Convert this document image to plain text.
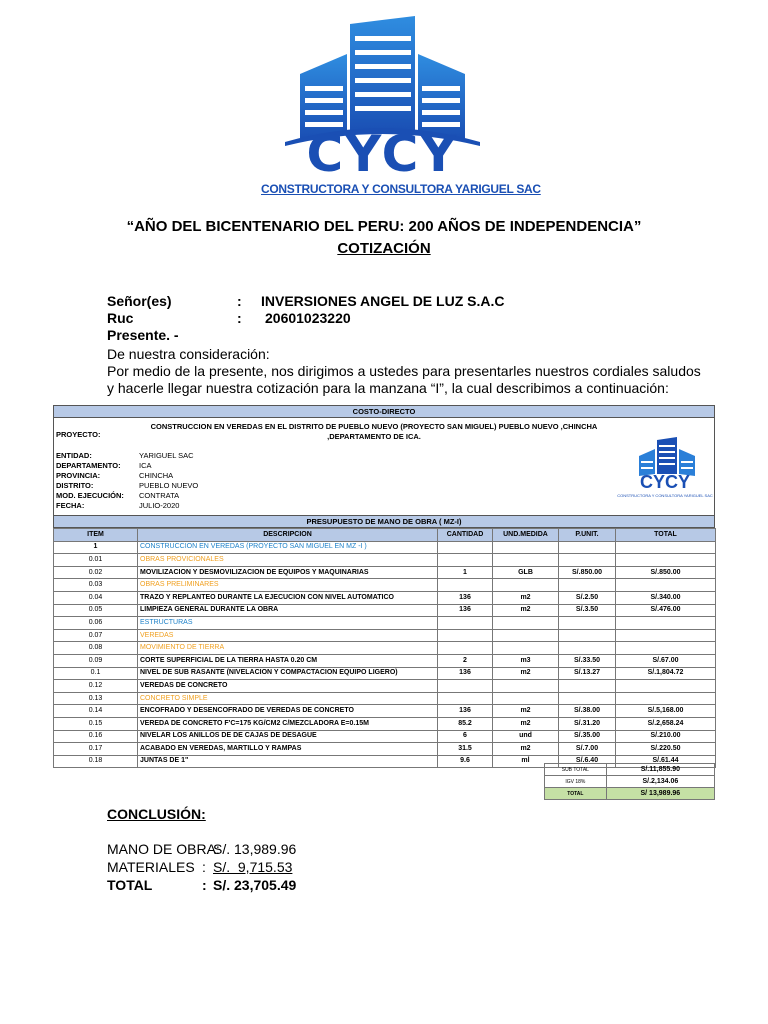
CYCY
CONSTRUCTORA Y CONSULTORA YARIGUEL SAC
“AÑO DEL BICENTENARIO DEL PERU: 200 AÑOS DE INDEPENDENCIA”
COTIZACIÓN
Señor(es)	: INVERSIONES ANGEL DE LUZ S.A.C
Ruc	: 20601023220
Presente. -
De nuestra consideración:
Por medio de la presente, nos dirigimos a ustedes para presentarles nuestros cordiales saludos y hacerle llegar nuestra cotización para la manzana “I”, la cual describimos a continuación:
COSTO-DIRECTO
PROYECTO:
CONSTRUCCION EN VEREDAS EN EL DISTRITO DE PUEBLO NUEVO (PROYECTO SAN MIGUEL) PUEBLO NUEVO ,CHINCHA ,DEPARTAMENTO DE ICA.
ENTIDAD:	YARIGUEL SAC
DEPARTAMENTO: ICA
PROVINCIA:	CHINCHA
DISTRITO:	PUEBLO NUEVO
MOD. EJECUCIÓN: CONTRATA
FECHA:	JULIO-2020
CYCY
CONSTRUCTORA Y CONSULTORA YARIGUEL SAC
PRESUPUESTO DE MANO DE OBRA ( MZ-I)
ITEM	DESCRIPCION	CANTIDAD	UND.MEDIDA	P.UNIT.	TOTAL
1	CONSTRUCCION EN VEREDAS (PROYECTO SAN MIGUEL EN MZ -I )				
0.01	OBRAS PROVICIONALES				
0.02	MOVILIZACION Y DESMOVILIZACION DE EQUIPOS Y MAQUINARIAS	1	GLB	S/.850.00	S/.850.00
0.03	OBRAS PRELIMINARES				
0.04	TRAZO Y REPLANTEO DURANTE LA EJECUCION CON NIVEL AUTOMATICO	136	m2	S/.2.50	S/.340.00
0.05	LIMPIEZA GENERAL DURANTE LA OBRA	136	m2	S/.3.50	S/.476.00
0.06	ESTRUCTURAS				
0.07	VEREDAS				
0.08	MOVIMIENTO DE TIERRA				
0.09	CORTE SUPERFICIAL DE LA TIERRA HASTA 0.20 CM	2	m3	S/.33.50	S/.67.00
0.1	NIVEL DE SUB RASANTE (NIVELACION Y COMPACTACION EQUIPO LIGERO)	136	m2	S/.13.27	S/.1,804.72
0.12	VEREDAS DE CONCRETO				
0.13	CONCRETO SIMPLE				
0.14	ENCOFRADO Y DESENCOFRADO DE VEREDAS DE CONCRETO	136	m2	S/.38.00	S/.5,168.00
0.15	VEREDA DE CONCRETO F'C=175 KG/CM2 C/MEZCLADORA E=0.15M	85.2	m2	S/.31.20	S/.2,658.24
0.16	NIVELAR LOS ANILLOS DE DE CAJAS DE DESAGUE	6	und	S/.35.00	S/.210.00
0.17	ACABADO EN VEREDAS, MARTILLO Y RAMPAS	31.5	m2	S/.7.00	S/.220.50
0.18	JUNTAS DE 1"	9.6	ml	S/.6.40	S/.61.44
SUB TOTAL	S/.11,855.90
IGV 18%	S/.2,134.06
TOTAL	S/ 13,989.96
CONCLUSIÓN:
MANO DE OBRA:
S/. 13,989.96
MATERIALES : S/.  9,715.53
TOTAL	: S/. 23,705.49
